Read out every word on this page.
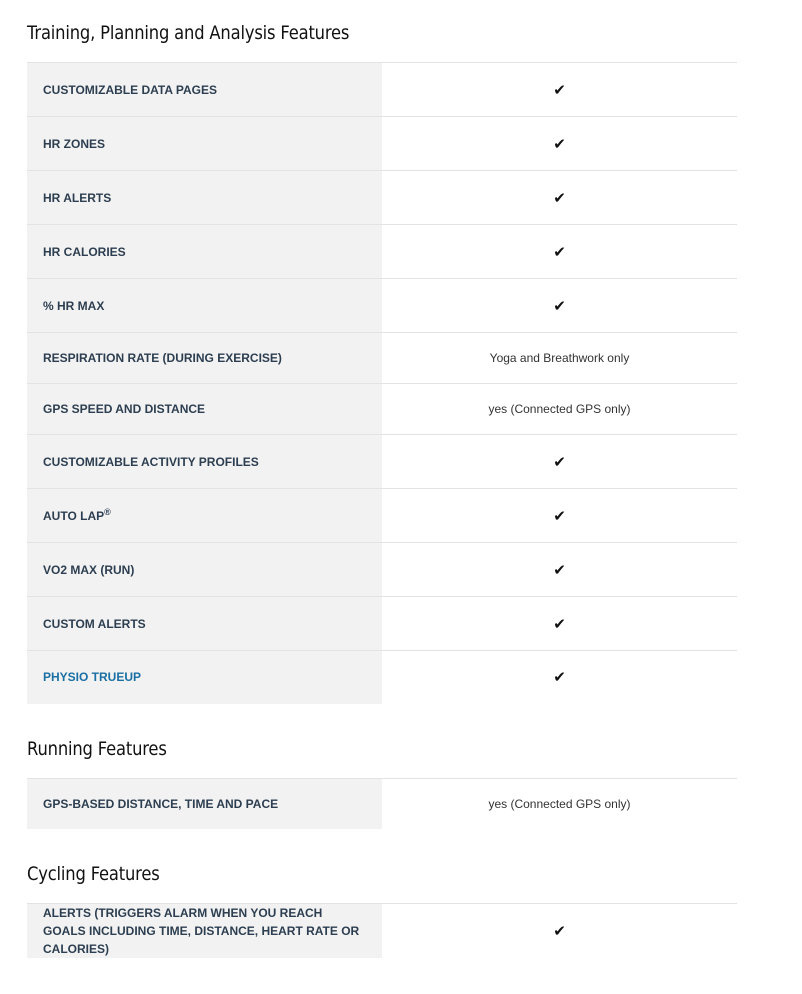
Training, Planning and Analysis Features
CUSTOMIZABLE DATA PAGES	✔
HR ZONES	✔
HR ALERTS	✔
HR CALORIES	✔
% HR MAX	✔
RESPIRATION RATE (DURING EXERCISE)	Yoga and Breathwork only
GPS SPEED AND DISTANCE	yes (Connected GPS only)
CUSTOMIZABLE ACTIVITY PROFILES	✔
AUTO LAP®	✔
VO2 MAX (RUN)	✔
CUSTOM ALERTS	✔
PHYSIO TRUEUP	✔
Running Features
GPS-BASED DISTANCE, TIME AND PACE	yes (Connected GPS only)
Cycling Features
ALERTS (TRIGGERS ALARM WHEN YOU REACH GOALS INCLUDING TIME, DISTANCE, HEART RATE OR CALORIES)	✔
